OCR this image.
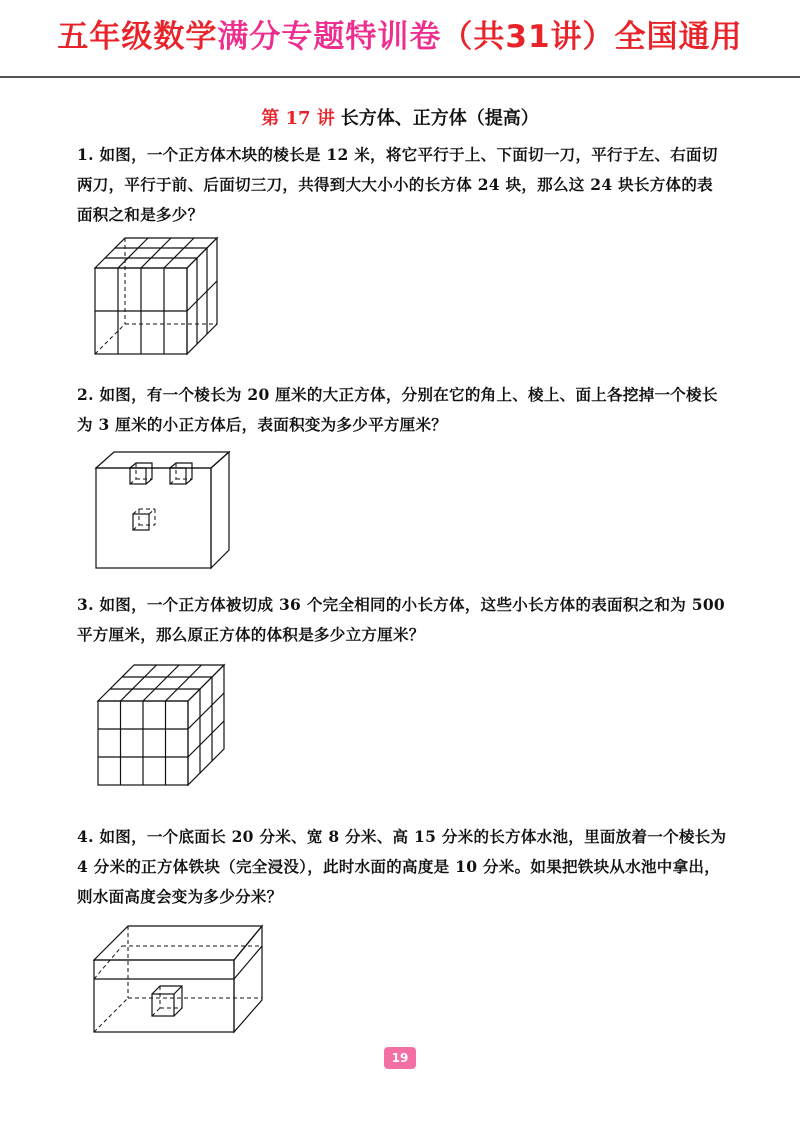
五年级数学满分专题特训卷（共31讲）全国通用
第 17 讲 长方体、正方体（提高）
1. 如图，一个正方体木块的棱长是 12 米，将它平行于上、下面切一刀，平行于左、右面切两刀，平行于前、后面切三刀，共得到大大小小的长方体 24 块，那么这 24 块长方体的表面积之和是多少？
2. 如图，有一个棱长为 20 厘米的大正方体，分别在它的角上、棱上、面上各挖掉一个棱长为 3 厘米的小正方体后，表面积变为多少平方厘米？
3. 如图，一个正方体被切成 36 个完全相同的小长方体，这些小长方体的表面积之和为 500 平方厘米，那么原正方体的体积是多少立方厘米？
4. 如图，一个底面长 20 分米、宽 8 分米、高 15 分米的长方体水池，里面放着一个棱长为 4 分米的正方体铁块（完全浸没），此时水面的高度是 10 分米。如果把铁块从水池中拿出，则水面高度会变为多少分米？
19
